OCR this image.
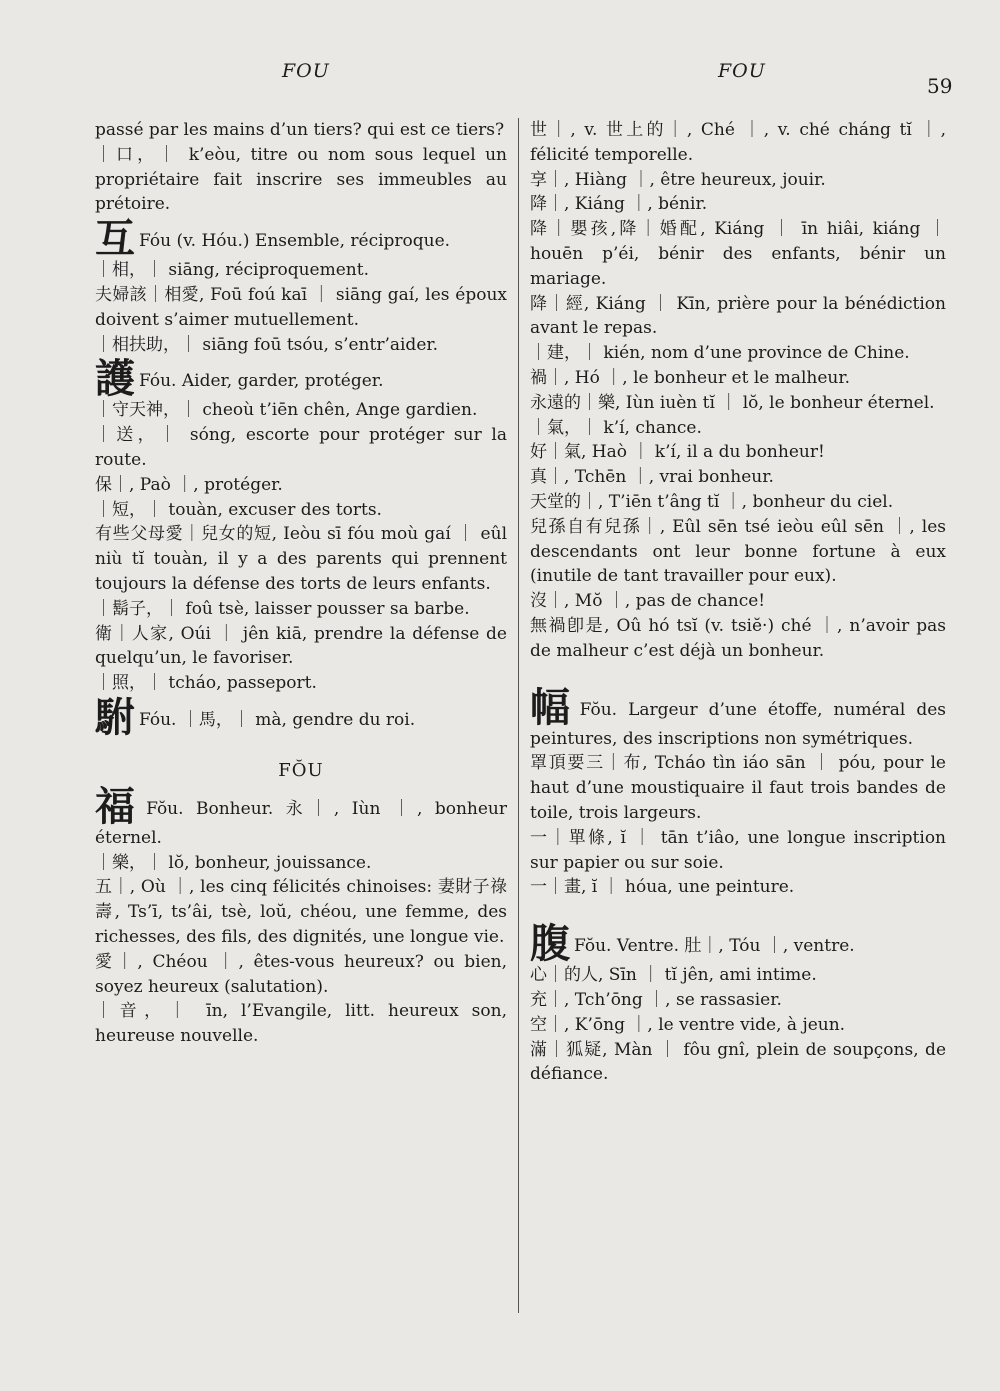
FOU	FOU
59

passé par les mains d’un tiers? qui est ce tiers?

｜口，｜ k’eòu, titre ou nom sous lequel un propriétaire fait inscrire ses immeubles au prétoire.

互 Fóu (v. Hóu.) Ensemble, réciproque.

｜相，｜ siāng, réciproquement.

夫婦該｜相愛, Foū foú kaī ｜ siāng gaí, les époux doivent s’aimer mutuellement.

｜相扶助，｜ siāng foū tsóu, s’entr’aider.

護 Fóu. Aider, garder, protéger.

｜守天神，｜ cheoù t’iēn chên, Ange gardien.

｜送，｜ sóng, escorte pour protéger sur la route.

保｜, Paò ｜, protéger.

｜短，｜ touàn, excuser des torts.

有些父母愛｜兒女的短, Ieòu sī fóu moù gaí ｜ eûl niù tĭ touàn, il y a des parents qui prennent toujours la défense des torts de leurs enfants.

｜鬍子，｜ foû tsè, laisser pousser sa barbe.

衛｜人家, Oúi ｜ jên kiā, prendre la défense de quelqu’un, le favoriser.

｜照，｜ tcháo, passeport.

駙 Fóu. ｜馬，｜ mà, gendre du roi.

FŎU

福 Fŏu. Bonheur. 永｜, Iùn ｜, bonheur éternel.

｜樂，｜ lŏ, bonheur, jouissance.

五｜, Où ｜, les cinq félicités chinoises: 妻財子祿壽, Ts’ī, ts’âi, tsè, loŭ, chéou, une femme, des richesses, des fils, des dignités, une longue vie.

愛｜, Chéou ｜, êtes-vous heureux? ou bien, soyez heureux (salutation).

｜音，｜ īn, l’Evangile, litt. heureux son, heureuse nouvelle.

世｜, v. 世上的｜, Ché ｜, v. ché cháng tĭ ｜, félicité temporelle.

享｜, Hiàng ｜, être heureux, jouir.

降｜, Kiáng ｜, bénir.

降｜嬰孩,降｜婚配, Kiáng ｜ īn hiâi, kiáng ｜ houēn p’éi, bénir des enfants, bénir un mariage.

降｜經, Kiáng ｜ Kīn, prière pour la bénédiction avant le repas.

｜建，｜ kién, nom d’une province de Chine.

禍｜, Hó ｜, le bonheur et le malheur.

永遠的｜樂, Iùn iuèn tĭ ｜ lŏ, le bonheur éternel.

｜氣，｜ k’í, chance.

好｜氣, Haò ｜ k’í, il a du bonheur!

真｜, Tchēn ｜, vrai bonheur.

天堂的｜, T’iēn t’âng tĭ ｜, bonheur du ciel.

兒孫自有兒孫｜, Eûl sēn tsé ieòu eûl sēn ｜, les descendants ont leur bonne fortune à eux (inutile de tant travailler pour eux).

沒｜, Mŏ ｜, pas de chance!

無禍卽是, Oû hó tsĭ (v. tsiĕ·) ché ｜, n’avoir pas de malheur c’est déjà un bonheur.

幅 Fŏu. Largeur d’une étoffe, numéral des peintures, des inscriptions non symétriques.

罩頂要三｜布, Tcháo tìn iáo sān ｜ póu, pour le haut d’une moustiquaire il faut trois bandes de toile, trois largeurs.

一｜單條, ĭ ｜ tān t’iâo, une longue inscription sur papier ou sur soie.

一｜畫, ĭ ｜ hóua, une peinture.

腹 Fŏu. Ventre. 肚｜, Tóu ｜, ventre.

心｜的人, Sīn ｜ tĭ jên, ami intime.

充｜, Tch’ōng ｜, se rassasier.

空｜, K’ōng ｜, le ventre vide, à jeun.

滿｜狐疑, Màn ｜ fôu gnî, plein de soupçons, de défiance.
